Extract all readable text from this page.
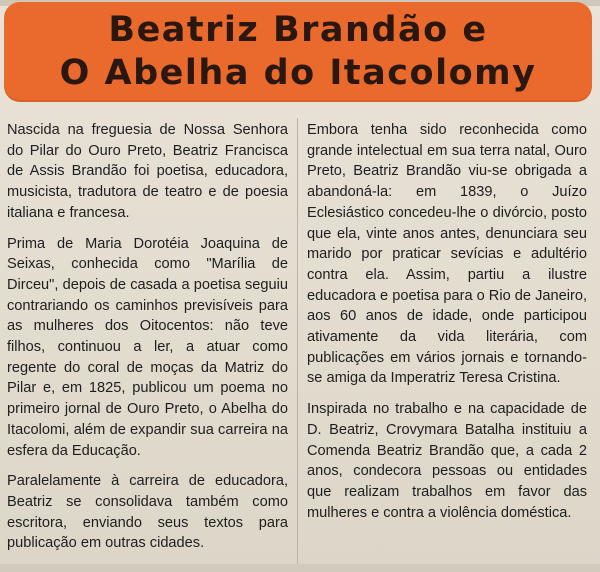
Beatriz Brandão e
O Abelha do Itacolomy

Nascida na freguesia de Nossa Senhora do Pilar do Ouro Preto, Beatriz Francisca de Assis Brandão foi poetisa, educadora, musicista, tradutora de teatro e de poesia italiana e francesa.

Prima de Maria Dorotéia Joaquina de Seixas, conhecida como "Marília de Dirceu", depois de casada a poetisa seguiu contrariando os caminhos previsíveis para as mulheres dos Oitocentos: não teve filhos, continuou a ler, a atuar como regente do coral de moças da Matriz do Pilar e, em 1825, publicou um poema no primeiro jornal de Ouro Preto, o Abelha do Itacolomi, além de expandir sua carreira na esfera da Educação.

Paralelamente à carreira de educadora, Beatriz se consolidava também como escritora, enviando seus textos para publicação em outras cidades.

Embora tenha sido reconhecida como grande intelectual em sua terra natal, Ouro Preto, Beatriz Brandão viu-se obrigada a abandoná-la: em 1839, o Juízo Eclesiástico concedeu-lhe o divórcio, posto que ela, vinte anos antes, denunciara seu marido por praticar sevícias e adultério contra ela. Assim, partiu a ilustre educadora e poetisa para o Rio de Janeiro, aos 60 anos de idade, onde participou ativamente da vida literária, com publicações em vários jornais e tornando-se amiga da Imperatriz Teresa Cristina.

Inspirada no trabalho e na capacidade de D. Beatriz, Crovymara Batalha instituiu a Comenda Beatriz Brandão que, a cada 2 anos, condecora pessoas ou entidades que realizam trabalhos em favor das mulheres e contra a violência doméstica.
